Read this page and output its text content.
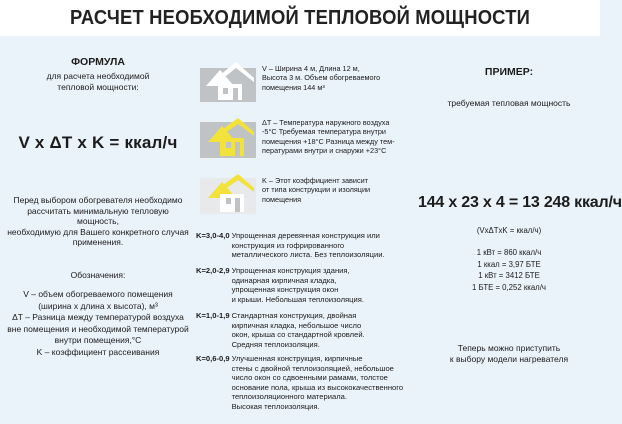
РАСЧЕТ НЕОБХОДИМОЙ ТЕПЛОВОЙ МОЩНОСТИ
ФОРМУЛА
для расчета необходимой
тепловой мощности:
V x ΔT x K = ккал/ч
Перед выбором обогревателя необходимо
рассчитать минимальную тепловую мощность,
необходимую для Вашего конкретного случая
применения.
Обозначения:
V – объем обогреваемого помещения
(ширина x длина x высота), м³
ΔT – Разница между температурой воздуха
вне помещения и необходимой температурой
внутри помещения,°С
K – коэффициент рассеивания
V – Ширина 4 м, Длина 12 м,
Высота 3 м. Объем обогреваемого
помещения 144 м³
ΔT – Температура наружного воздуха
-5°С Требуемая температура внутри
помещения +18°С Разница между тем-
пературами внутри и снаружи +23°С
K – Этот коэффициент зависит
от типа конструкции и изоляции
помещения
K=3,0-4,0 Упрощенная деревянная конструкция или
конструкция из гофрированного
металлического листа. Без теплоизоляции.
K=2,0-2,9 Упрощенная конструкция здания,
одинарная кирпичная кладка,
упрощенная конструкция окон
и крыши. Небольшая теплоизоляция.
K=1,0-1,9 Стандартная конструкция, двойная
кирпичная кладка, небольшое число
окон, крыша со стандартной кровлей.
Средняя теплоизоляция.
K=0,6-0,9 Улучшенная конструкция, кирпичные
стены с двойной теплоизоляцией, небольшое
число окон со сдвоенными рамами, толстое
основание пола, крыша из высококачественного
теплоизоляционного материала.
Высокая теплоизоляция.
ПРИМЕР:
требуемая тепловая мощность
144 x 23 x 4 = 13 248 ккал/ч
(VxΔTxK = ккал/ч)
1 кВт = 860 ккал/ч
1 ккал = 3,97 БТЕ
1 кВт = 3412 БТЕ
1 БТЕ = 0,252 ккал/ч
Теперь можно приступить
к выбору модели нагревателя
